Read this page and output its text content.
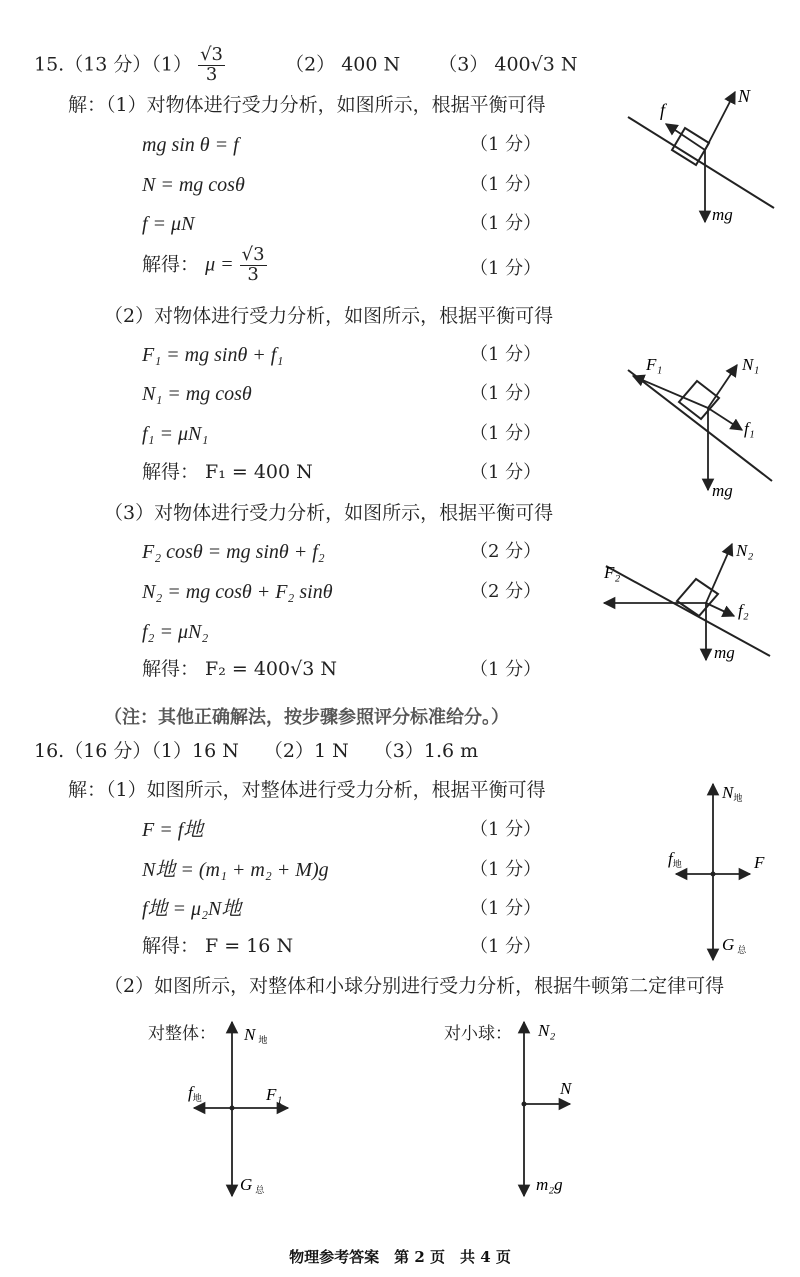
15.（13 分）$(1) \frac{√3}{3}$	（2） 400 N （3） 400√3 N
解：（1）对物体进行受力分析，如图所示，根据平衡可得
mg sin θ = f	（1 分）
N = mg cosθ	（1 分）
f = μN	（1 分）
解得： $\mu = \frac{√3}{3}$	（1 分）
（2）对物体进行受力分析，如图所示，根据平衡可得
F₁ = mg sinθ + f₁	（1 分）
N₁ = mg cosθ	（1 分）
f₁ = μN₁	（1 分）
解得： F₁ = 400 N	（1 分）
（3）对物体进行受力分析，如图所示，根据平衡可得
F₂ cosθ = mg sinθ + f₂	（2 分）
N₂ = mg cosθ + F₂ sinθ	（2 分）
f₂ = μN₂
解得： F₂ = 400√3 N	（1 分）
（注：其他正确解法，按步骤参照评分标准给分。）
N
f
mg
F₁	N₁
f₁
mg
F₂
N₂
f₂
mg
16.（16 分）（1）16 N　 （2）1 N　 （3）1.6 m
解：（1）如图所示，对整体进行受力分析，根据平衡可得
F = f地	（1 分）
N地 = (m₁ + m₂ + M)g	（1 分）
f地 = μ₂N地	（1 分）
解得： F = 16 N	（1 分）
（2）如图所示，对整体和小球分别进行受力分析，根据牛顿第二定律可得
N地
f地	F
G总
对整体： N地
f地	F₁
G总
对小球： N₂
N
m₂g
物理参考答案　第 2 页　共 4 页
